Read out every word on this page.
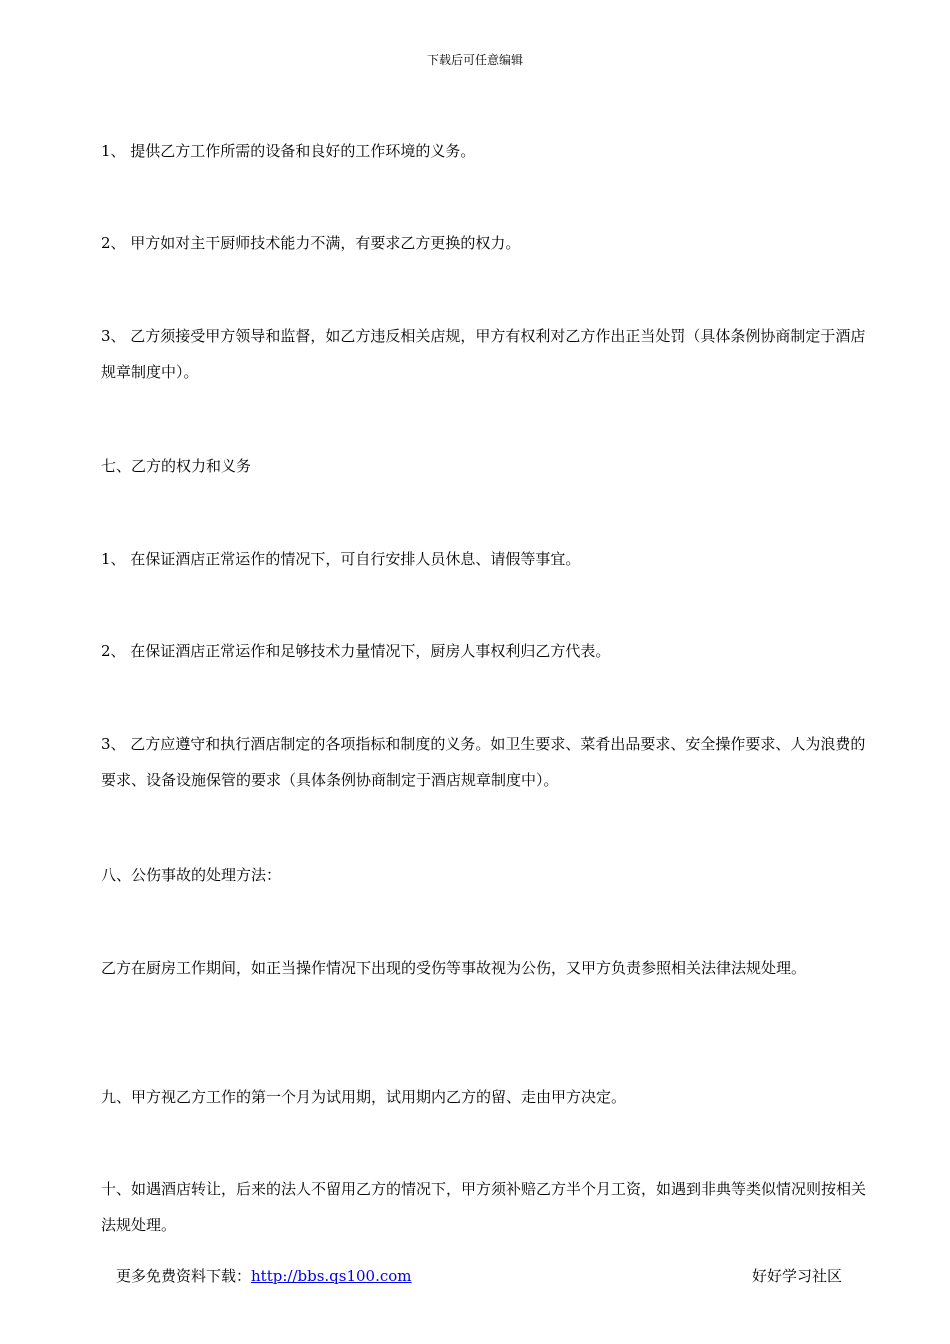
下载后可任意编辑

1、 提供乙方工作所需的设备和良好的工作环境的义务。

2、 甲方如对主干厨师技术能力不满，有要求乙方更换的权力。

3、 乙方须接受甲方领导和监督，如乙方违反相关店规，甲方有权利对乙方作出正当处罚（具体条例协商制定于酒店规章制度中）。

七、乙方的权力和义务

1、 在保证酒店正常运作的情况下，可自行安排人员休息、请假等事宜。

2、 在保证酒店正常运作和足够技术力量情况下，厨房人事权利归乙方代表。

3、 乙方应遵守和执行酒店制定的各项指标和制度的义务。如卫生要求、菜肴出品要求、安全操作要求、人为浪费的要求、设备设施保管的要求（具体条例协商制定于酒店规章制度中）。

八、公伤事故的处理方法：

乙方在厨房工作期间，如正当操作情况下出现的受伤等事故视为公伤，又甲方负责参照相关法律法规处理。

九、甲方视乙方工作的第一个月为试用期，试用期内乙方的留、走由甲方决定。

十、如遇酒店转让，后来的法人不留用乙方的情况下，甲方须补赔乙方半个月工资，如遇到非典等类似情况则按相关法规处理。

更多免费资料下载：http://bbs.qs100.com	好好学习社区
